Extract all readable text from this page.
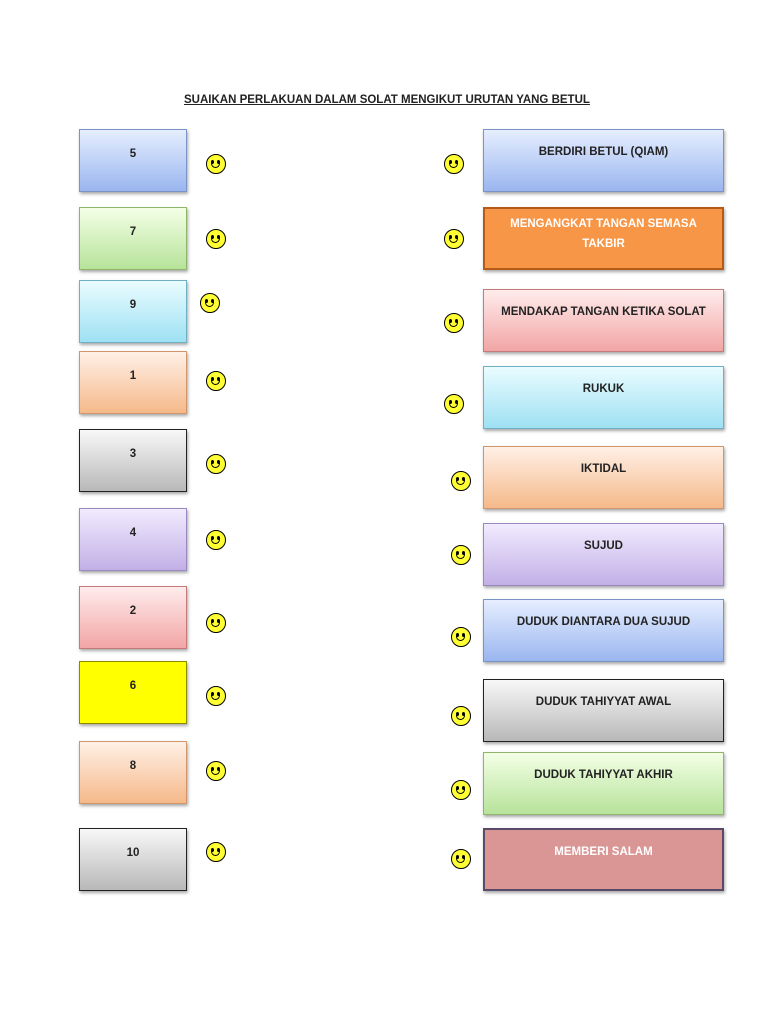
SUAIKAN PERLAKUAN DALAM SOLAT MENGIKUT URUTAN YANG BETUL
5
7
9
1
3
4
2
6
8
10
BERDIRI BETUL (QIAM)
MENGANGKAT TANGAN SEMASA TAKBIR
MENDAKAP TANGAN KETIKA SOLAT
RUKUK
IKTIDAL
SUJUD
DUDUK DIANTARA DUA SUJUD
DUDUK TAHIYYAT AWAL
DUDUK TAHIYYAT AKHIR
MEMBERI SALAM
